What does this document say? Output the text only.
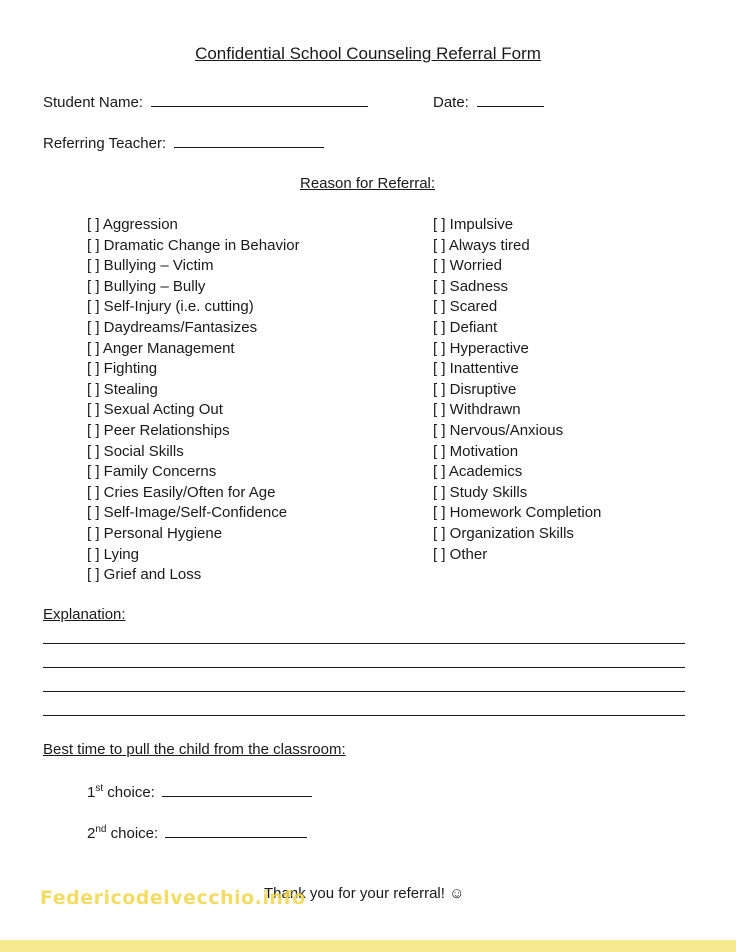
Confidential School Counseling Referral Form
Student Name:	Date:
Referring Teacher:
Reason for Referral:
[ ] Aggression
[ ] Dramatic Change in Behavior
[ ] Bullying – Victim
[ ] Bullying – Bully
[ ] Self-Injury (i.e. cutting)
[ ] Daydreams/Fantasizes
[ ] Anger Management
[ ] Fighting
[ ] Stealing
[ ] Sexual Acting Out
[ ] Peer Relationships
[ ] Social Skills
[ ] Family Concerns
[ ] Cries Easily/Often for Age
[ ] Self-Image/Self-Confidence
[ ] Personal Hygiene
[ ] Lying
[ ] Grief and Loss
[ ] Impulsive
[ ] Always tired
[ ] Worried
[ ] Sadness
[ ] Scared
[ ] Defiant
[ ] Hyperactive
[ ] Inattentive
[ ] Disruptive
[ ] Withdrawn
[ ] Nervous/Anxious
[ ] Motivation
[ ] Academics
[ ] Study Skills
[ ] Homework Completion
[ ] Organization Skills
[ ] Other
Explanation:
Best time to pull the child from the classroom:
1st choice:
2nd choice:
Thank you for your referral! ☺
Federicodelvecchio.info
